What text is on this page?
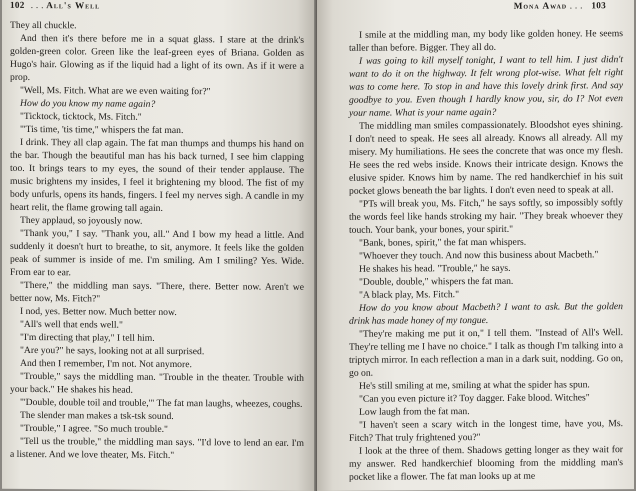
102 . . . All's Well

They all chuckle.

And then it's there before me in a squat glass. I stare at the drink's golden-green color. Green like the leaf-green eyes of Briana. Golden as Hugo's hair. Glowing as if the liquid had a light of its own. As if it were a prop.

"Well, Ms. Fitch. What are we even waiting for?"

How do you know my name again?

"Ticktock, ticktock, Ms. Fitch."

"'Tis time, 'tis time," whispers the fat man.

I drink. They all clap again. The fat man thumps and thumps his hand on the bar. Though the beautiful man has his back turned, I see him clapping too. It brings tears to my eyes, the sound of their tender applause. The music brightens my insides, I feel it brightening my blood. The fist of my body unfurls, opens its hands, fingers. I feel my nerves sigh. A candle in my heart relit, the flame growing tall again.

They applaud, so joyously now.

"Thank you," I say. "Thank you, all." And I bow my head a little. And suddenly it doesn't hurt to breathe, to sit, anymore. It feels like the golden peak of summer is inside of me. I'm smiling. Am I smiling? Yes. Wide. From ear to ear.

"There," the middling man says. "There, there. Better now. Aren't we better now, Ms. Fitch?"

I nod, yes. Better now. Much better now.

"All's well that ends well."

"I'm directing that play," I tell him.

"Are you?" he says, looking not at all surprised.

And then I remember, I'm not. Not anymore.

"Trouble," says the middling man. "Trouble in the theater. Trouble with your back." He shakes his head.

"'Double, double toil and trouble,'" The fat man laughs, wheezes, coughs.

The slender man makes a tsk-tsk sound.

"Trouble," I agree. "So much trouble."

"Tell us the trouble," the middling man says. "I'd love to lend an ear. I'm a listener. And we love theater, Ms. Fitch."

Mona Awad . . . 103

I smile at the middling man, my body like golden honey. He seems taller than before. Bigger. They all do.

I was going to kill myself tonight, I want to tell him. I just didn't want to do it on the highway. It felt wrong plot-wise. What felt right was to come here. To stop in and have this lovely drink first. And say goodbye to you. Even though I hardly know you, sir, do I? Not even your name. What is your name again?

The middling man smiles compassionately. Bloodshot eyes shining. I don't need to speak. He sees all already. Knows all already. All my misery. My humiliations. He sees the concrete that was once my flesh. He sees the red webs inside. Knows their intricate design. Knows the elusive spider. Knows him by name. The red handkerchief in his suit pocket glows beneath the bar lights. I don't even need to speak at all.

"PTs will break you, Ms. Fitch," he says softly, so impossibly softly the words feel like hands stroking my hair. "They break whoever they touch. Your bank, your bones, your spirit."

"Bank, bones, spirit," the fat man whispers.

"Whoever they touch. And now this business about Macbeth."

He shakes his head. "Trouble," he says.

"Double, double," whispers the fat man.

"A black play, Ms. Fitch."

How do you know about Macbeth? I want to ask. But the golden drink has made honey of my tongue.

"They're making me put it on," I tell them. "Instead of All's Well. They're telling me I have no choice." I talk as though I'm talking into a triptych mirror. In each reflection a man in a dark suit, nodding. Go on, go on.

He's still smiling at me, smiling at what the spider has spun.

"Can you even picture it? Toy dagger. Fake blood. Witches"

Low laugh from the fat man.

"I haven't seen a scary witch in the longest time, have you, Ms. Fitch? That truly frightened you?"

I look at the three of them. Shadows getting longer as they wait for my answer. Red handkerchief blooming from the middling man's pocket like a flower. The fat man looks up at me
